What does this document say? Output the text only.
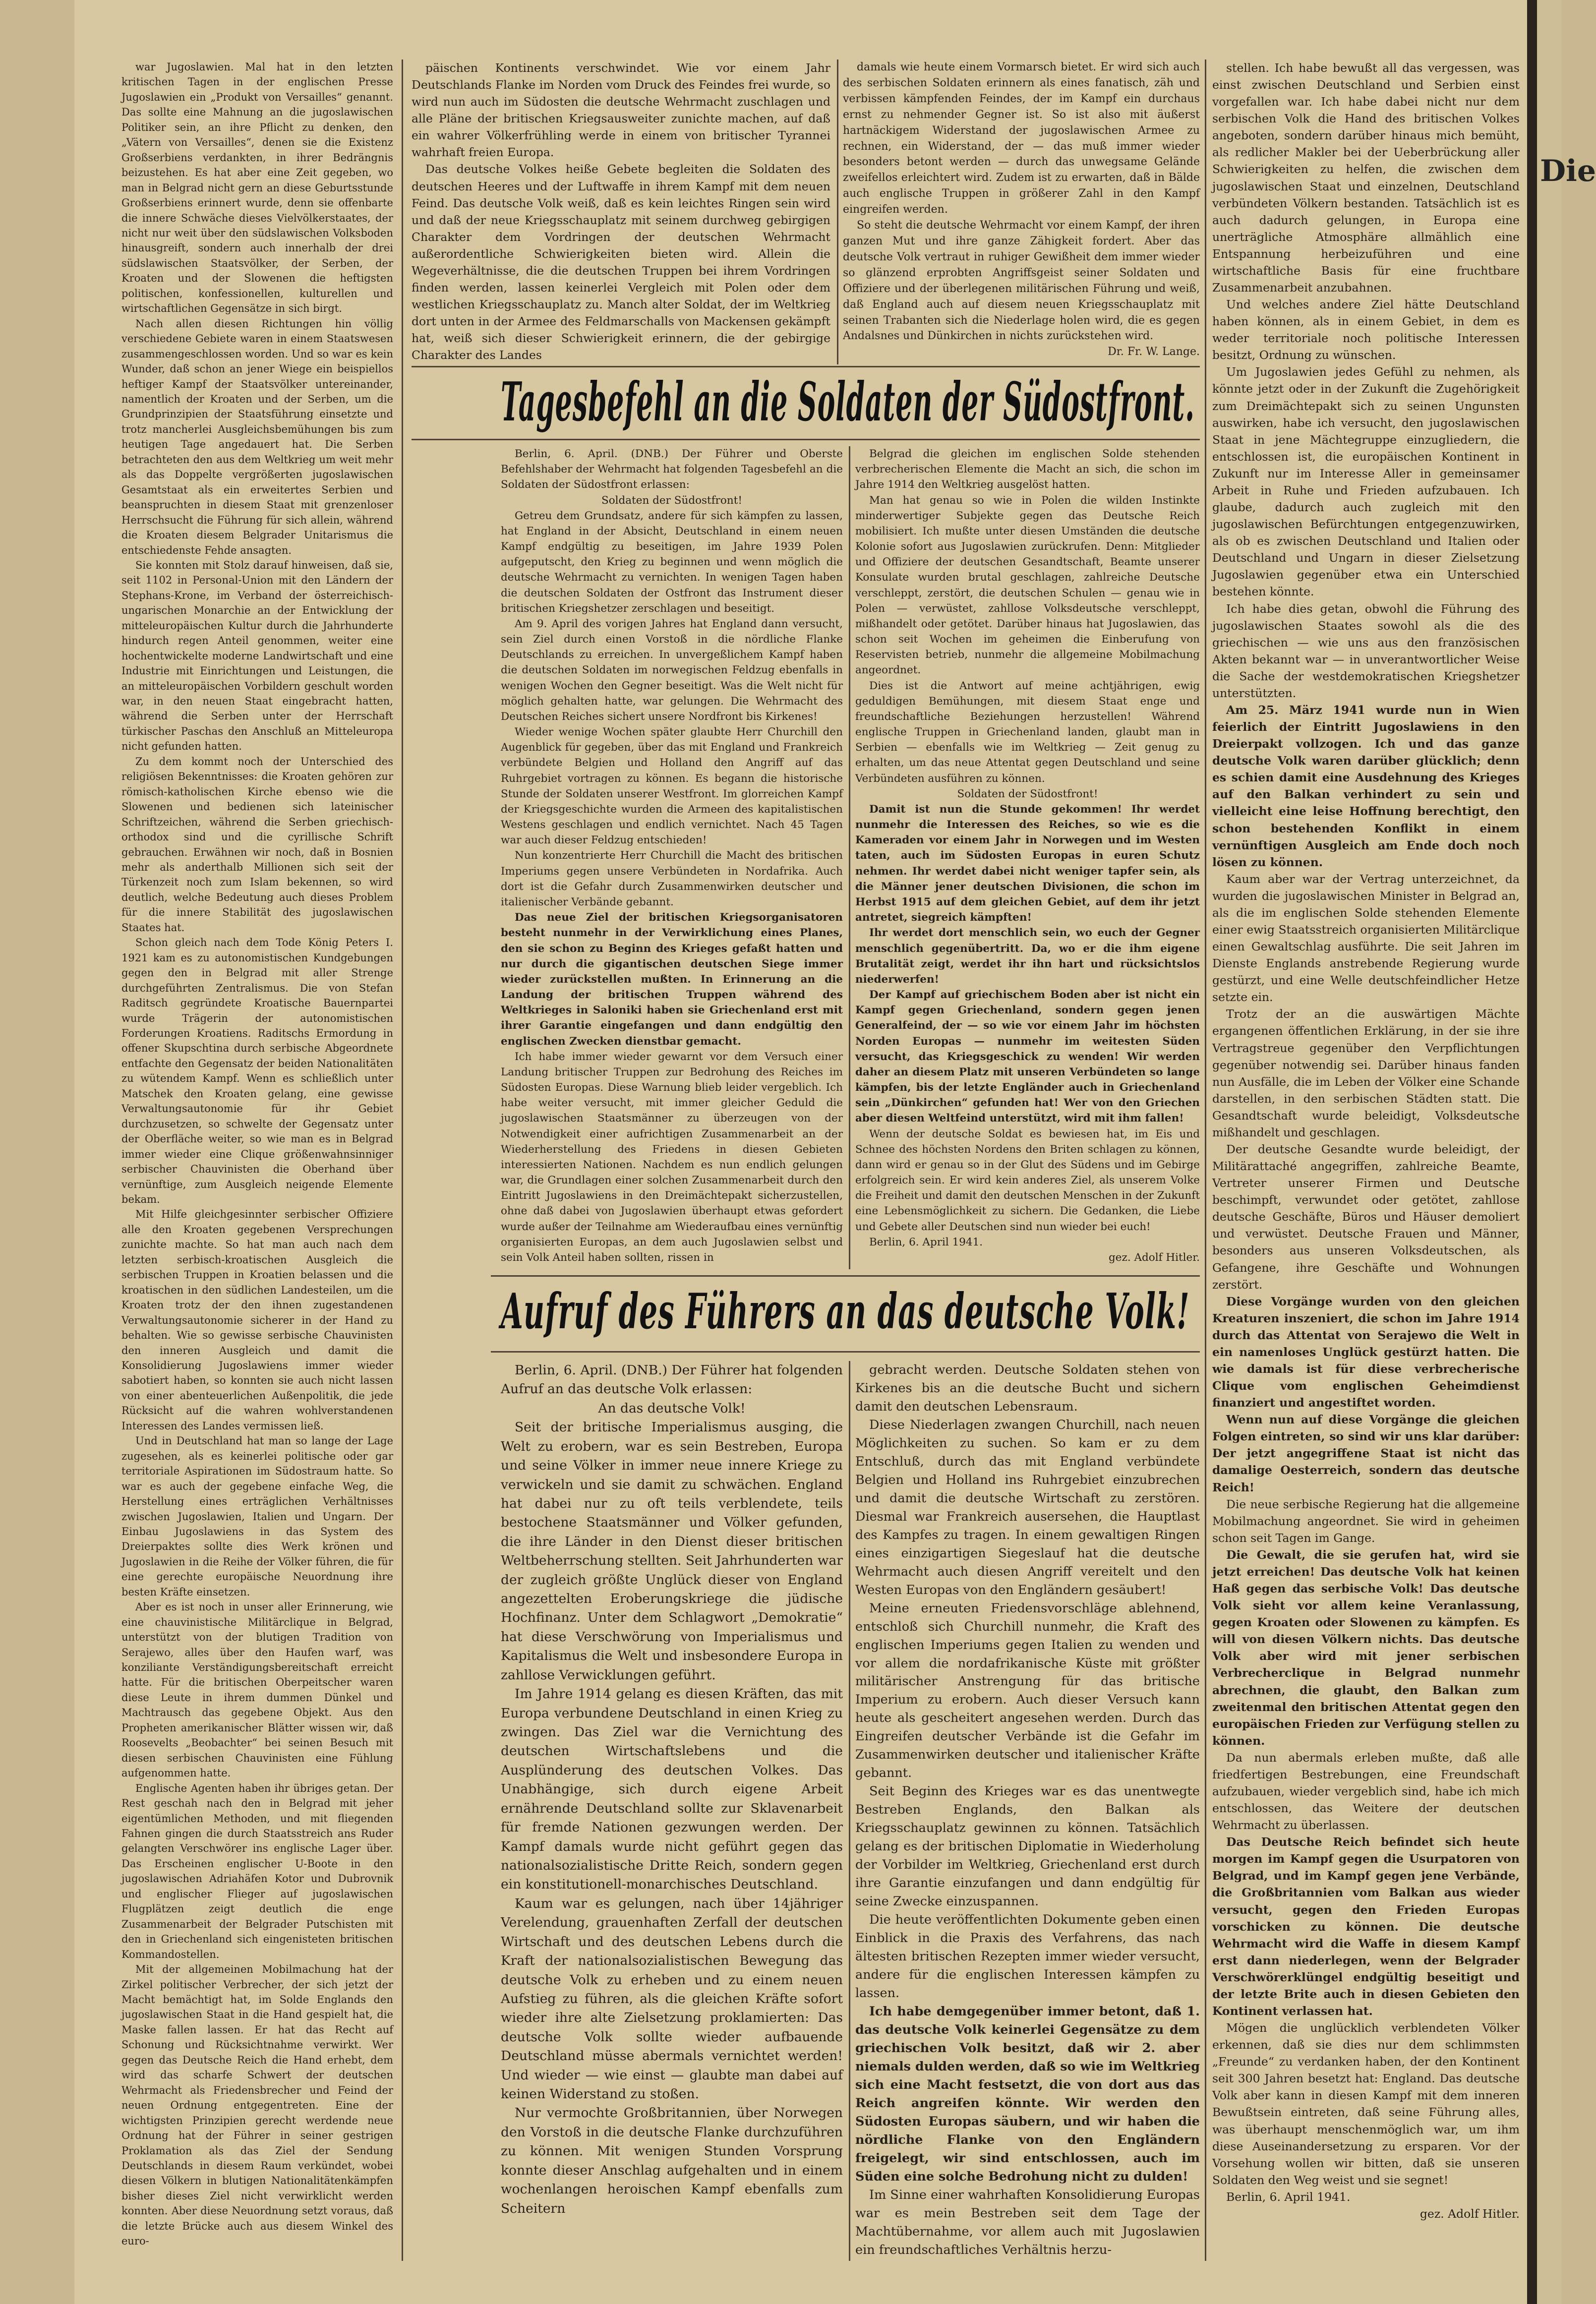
Die

war Jugoslawien. Mal hat in den letzten kritischen Tagen in der englischen Presse Jugoslawien ein „Produkt von Versailles“ genannt. Das sollte eine Mahnung an die jugoslawischen Politiker sein, an ihre Pflicht zu denken, den „Vätern von Versailles“, denen sie die Existenz Großserbiens verdankten, in ihrer Bedrängnis beizustehen. Es hat aber eine Zeit gegeben, wo man in Belgrad nicht gern an diese Geburtsstunde Großserbiens erinnert wurde, denn sie offenbarte die innere Schwäche dieses Vielvölkerstaates, der nicht nur weit über den südslawischen Volksboden hinausgreift, sondern auch innerhalb der drei südslawischen Staatsvölker, der Serben, der Kroaten und der Slowenen die heftigsten politischen, konfessionellen, kulturellen und wirtschaftlichen Gegensätze in sich birgt.

Nach allen diesen Richtungen hin völlig verschiedene Gebiete waren in einem Staatswesen zusammengeschlossen worden. Und so war es kein Wunder, daß schon an jener Wiege ein beispiellos heftiger Kampf der Staatsvölker untereinander, namentlich der Kroaten und der Serben, um die Grundprinzipien der Staatsführung einsetzte und trotz mancherlei Ausgleichsbemühungen bis zum heutigen Tage angedauert hat. Die Serben betrachteten den aus dem Weltkrieg um weit mehr als das Doppelte vergrößerten jugoslawischen Gesamtstaat als ein erweitertes Serbien und beanspruchten in diesem Staat mit grenzenloser Herrschsucht die Führung für sich allein, während die Kroaten diesem Belgrader Unitarismus die entschiedenste Fehde ansagten.

Sie konnten mit Stolz darauf hinweisen, daß sie, seit 1102 in Personal-Union mit den Ländern der Stephans-Krone, im Verband der österreichisch-ungarischen Monarchie an der Entwicklung der mitteleuropäischen Kultur durch die Jahrhunderte hindurch regen Anteil genommen, weiter eine hochentwickelte moderne Landwirtschaft und eine Industrie mit Einrichtungen und Leistungen, die an mitteleuropäischen Vorbildern geschult worden war, in den neuen Staat eingebracht hatten, während die Serben unter der Herrschaft türkischer Paschas den Anschluß an Mitteleuropa nicht gefunden hatten.

Zu dem kommt noch der Unterschied des religiösen Bekenntnisses: die Kroaten gehören zur römisch-katholischen Kirche ebenso wie die Slowenen und bedienen sich lateinischer Schriftzeichen, während die Serben griechisch-orthodox sind und die cyrillische Schrift gebrauchen. Erwähnen wir noch, daß in Bosnien mehr als anderthalb Millionen sich seit der Türkenzeit noch zum Islam bekennen, so wird deutlich, welche Bedeutung auch dieses Problem für die innere Stabilität des jugoslawischen Staates hat.

Schon gleich nach dem Tode König Peters I. 1921 kam es zu autonomistischen Kundgebungen gegen den in Belgrad mit aller Strenge durchgeführten Zentralismus. Die von Stefan Raditsch gegründete Kroatische Bauernpartei wurde Trägerin der autonomistischen Forderungen Kroatiens. Raditschs Ermordung in offener Skupschtina durch serbische Abgeordnete entfachte den Gegensatz der beiden Nationalitäten zu wütendem Kampf. Wenn es schließlich unter Matschek den Kroaten gelang, eine gewisse Verwaltungsautonomie für ihr Gebiet durchzusetzen, so schwelte der Gegensatz unter der Oberfläche weiter, so wie man es in Belgrad immer wieder eine Clique größenwahnsinniger serbischer Chauvinisten die Oberhand über vernünftige, zum Ausgleich neigende Elemente bekam.

Mit Hilfe gleichgesinnter serbischer Offiziere alle den Kroaten gegebenen Versprechungen zunichte machte. So hat man auch nach dem letzten serbisch-kroatischen Ausgleich die serbischen Truppen in Kroatien belassen und die kroatischen in den südlichen Landesteilen, um die Kroaten trotz der den ihnen zugestandenen Verwaltungsautonomie sicherer in der Hand zu behalten. Wie so gewisse serbische Chauvinisten den inneren Ausgleich und damit die Konsolidierung Jugoslawiens immer wieder sabotiert haben, so konnten sie auch nicht lassen von einer abenteuerlichen Außenpolitik, die jede Rücksicht auf die wahren wohlverstandenen Interessen des Landes vermissen ließ.

Und in Deutschland hat man so lange der Lage zugesehen, als es keinerlei politische oder gar territoriale Aspirationen im Südostraum hatte. So war es auch der gegebene einfache Weg, die Herstellung eines erträglichen Verhältnisses zwischen Jugoslawien, Italien und Ungarn. Der Einbau Jugoslawiens in das System des Dreierpaktes sollte dies Werk krönen und Jugoslawien in die Reihe der Völker führen, die für eine gerechte europäische Neuordnung ihre besten Kräfte einsetzen.

Aber es ist noch in unser aller Erinnerung, wie eine chauvinistische Militärclique in Belgrad, unterstützt von der blutigen Tradition von Serajewo, alles über den Haufen warf, was konziliante Verständigungsbereitschaft erreicht hatte. Für die britischen Oberpeitscher waren diese Leute in ihrem dummen Dünkel und Machtrausch das gegebene Objekt. Aus den Propheten amerikanischer Blätter wissen wir, daß Roosevelts „Beobachter“ bei seinen Besuch mit diesen serbischen Chauvinisten eine Fühlung aufgenommen hatte.

Englische Agenten haben ihr übriges getan. Der Rest geschah nach den in Belgrad mit jeher eigentümlichen Methoden, und mit fliegenden Fahnen gingen die durch Staatsstreich ans Ruder gelangten Verschwörer ins englische Lager über. Das Erscheinen englischer U-Boote in den jugoslawischen Adriahäfen Kotor und Dubrovnik und englischer Flieger auf jugoslawischen Flugplätzen zeigt deutlich die enge Zusammenarbeit der Belgrader Putschisten mit den in Griechenland sich eingenisteten britischen Kommandostellen.

Mit der allgemeinen Mobilmachung hat der Zirkel politischer Verbrecher, der sich jetzt der Macht bemächtigt hat, im Solde Englands den jugoslawischen Staat in die Hand gespielt hat, die Maske fallen lassen. Er hat das Recht auf Schonung und Rücksichtnahme verwirkt. Wer gegen das Deutsche Reich die Hand erhebt, dem wird das scharfe Schwert der deutschen Wehrmacht als Friedensbrecher und Feind der neuen Ordnung entgegentreten. Eine der wichtigsten Prinzipien gerecht werdende neue Ordnung hat der Führer in seiner gestrigen Proklamation als das Ziel der Sendung Deutschlands in diesem Raum verkündet, wobei diesen Völkern in blutigen Nationalitätenkämpfen bisher dieses Ziel nicht verwirklicht werden konnten. Aber diese Neuordnung setzt voraus, daß die letzte Brücke auch aus diesem Winkel des euro-

päischen Kontinents verschwindet. Wie vor einem Jahr Deutschlands Flanke im Norden vom Druck des Feindes frei wurde, so wird nun auch im Südosten die deutsche Wehrmacht zuschlagen und alle Pläne der britischen Kriegsausweiter zunichte machen, auf daß ein wahrer Völkerfrühling werde in einem von britischer Tyrannei wahrhaft freien Europa.

Das deutsche Volkes heiße Gebete begleiten die Soldaten des deutschen Heeres und der Luftwaffe in ihrem Kampf mit dem neuen Feind. Das deutsche Volk weiß, daß es kein leichtes Ringen sein wird und daß der neue Kriegsschauplatz mit seinem durchweg gebirgigen Charakter dem Vordringen der deutschen Wehrmacht außerordentliche Schwierigkeiten bieten wird. Allein die Wegeverhältnisse, die die deutschen Truppen bei ihrem Vordringen finden werden, lassen keinerlei Vergleich mit Polen oder dem westlichen Kriegsschauplatz zu. Manch alter Soldat, der im Weltkrieg dort unten in der Armee des Feldmarschalls von Mackensen gekämpft hat, weiß sich dieser Schwierigkeit erinnern, die der gebirgige Charakter des Landes

damals wie heute einem Vormarsch bietet. Er wird sich auch des serbischen Soldaten erinnern als eines fanatisch, zäh und verbissen kämpfenden Feindes, der im Kampf ein durchaus ernst zu nehmender Gegner ist. So ist also mit äußerst hartnäckigem Widerstand der jugoslawischen Armee zu rechnen, ein Widerstand, der — das muß immer wieder besonders betont werden — durch das unwegsame Gelände zweifellos erleichtert wird. Zudem ist zu erwarten, daß in Bälde auch englische Truppen in größerer Zahl in den Kampf eingreifen werden.

So steht die deutsche Wehrmacht vor einem Kampf, der ihren ganzen Mut und ihre ganze Zähigkeit fordert. Aber das deutsche Volk vertraut in ruhiger Gewißheit dem immer wieder so glänzend erprobten Angriffsgeist seiner Soldaten und Offiziere und der überlegenen militärischen Führung und weiß, daß England auch auf diesem neuen Kriegsschauplatz mit seinen Trabanten sich die Niederlage holen wird, die es gegen Andalsnes und Dünkirchen in nichts zurückstehen wird.

Dr. Fr. W. Lange.

Tagesbefehl an die Soldaten der Südostfront.

Berlin, 6. April. (DNB.) Der Führer und Oberste Befehlshaber der Wehrmacht hat folgenden Tagesbefehl an die Soldaten der Südostfront erlassen:

Soldaten der Südostfront!

Getreu dem Grundsatz, andere für sich kämpfen zu lassen, hat England in der Absicht, Deutschland in einem neuen Kampf endgültig zu beseitigen, im Jahre 1939 Polen aufgeputscht, den Krieg zu beginnen und wenn möglich die deutsche Wehrmacht zu vernichten. In wenigen Tagen haben die deutschen Soldaten der Ostfront das Instrument dieser britischen Kriegshetzer zerschlagen und beseitigt.

Am 9. April des vorigen Jahres hat England dann versucht, sein Ziel durch einen Vorstoß in die nördliche Flanke Deutschlands zu erreichen. In unvergeßlichem Kampf haben die deutschen Soldaten im norwegischen Feldzug ebenfalls in wenigen Wochen den Gegner beseitigt. Was die Welt nicht für möglich gehalten hatte, war gelungen. Die Wehrmacht des Deutschen Reiches sichert unsere Nordfront bis Kirkenes!

Wieder wenige Wochen später glaubte Herr Churchill den Augenblick für gegeben, über das mit England und Frankreich verbündete Belgien und Holland den Angriff auf das Ruhrgebiet vortragen zu können. Es begann die historische Stunde der Soldaten unserer Westfront. Im glorreichen Kampf der Kriegsgeschichte wurden die Armeen des kapitalistischen Westens geschlagen und endlich vernichtet. Nach 45 Tagen war auch dieser Feldzug entschieden!

Nun konzentrierte Herr Churchill die Macht des britischen Imperiums gegen unsere Verbündeten in Nordafrika. Auch dort ist die Gefahr durch Zusammenwirken deutscher und italienischer Verbände gebannt.

Das neue Ziel der britischen Kriegsorganisatoren besteht nunmehr in der Verwirklichung eines Planes, den sie schon zu Beginn des Krieges gefaßt hatten und nur durch die gigantischen deutschen Siege immer wieder zurückstellen mußten. In Erinnerung an die Landung der britischen Truppen während des Weltkrieges in Saloniki haben sie Griechenland erst mit ihrer Garantie eingefangen und dann endgültig den englischen Zwecken dienstbar gemacht.

Ich habe immer wieder gewarnt vor dem Versuch einer Landung britischer Truppen zur Bedrohung des Reiches im Südosten Europas. Diese Warnung blieb leider vergeblich. Ich habe weiter versucht, mit immer gleicher Geduld die jugoslawischen Staatsmänner zu überzeugen von der Notwendigkeit einer aufrichtigen Zusammenarbeit an der Wiederherstellung des Friedens in diesen Gebieten interessierten Nationen. Nachdem es nun endlich gelungen war, die Grundlagen einer solchen Zusammenarbeit durch den Eintritt Jugoslawiens in den Dreimächtepakt sicherzustellen, ohne daß dabei von Jugoslawien überhaupt etwas gefordert wurde außer der Teilnahme am Wiederaufbau eines vernünftig organisierten Europas, an dem auch Jugoslawien selbst und sein Volk Anteil haben sollten, rissen in

Belgrad die gleichen im englischen Solde stehenden verbrecherischen Elemente die Macht an sich, die schon im Jahre 1914 den Weltkrieg ausgelöst hatten.

Man hat genau so wie in Polen die wilden Instinkte minderwertiger Subjekte gegen das Deutsche Reich mobilisiert. Ich mußte unter diesen Umständen die deutsche Kolonie sofort aus Jugoslawien zurückrufen. Denn: Mitglieder und Offiziere der deutschen Gesandtschaft, Beamte unserer Konsulate wurden brutal geschlagen, zahlreiche Deutsche verschleppt, zerstört, die deutschen Schulen — genau wie in Polen — verwüstet, zahllose Volksdeutsche verschleppt, mißhandelt oder getötet. Darüber hinaus hat Jugoslawien, das schon seit Wochen im geheimen die Einberufung von Reservisten betrieb, nunmehr die allgemeine Mobilmachung angeordnet.

Dies ist die Antwort auf meine achtjährigen, ewig geduldigen Bemühungen, mit diesem Staat enge und freundschaftliche Beziehungen herzustellen! Während englische Truppen in Griechenland landen, glaubt man in Serbien — ebenfalls wie im Weltkrieg — Zeit genug zu erhalten, um das neue Attentat gegen Deutschland und seine Verbündeten ausführen zu können.

Soldaten der Südostfront!

Damit ist nun die Stunde gekommen! Ihr werdet nunmehr die Interessen des Reiches, so wie es die Kameraden vor einem Jahr in Norwegen und im Westen taten, auch im Südosten Europas in euren Schutz nehmen. Ihr werdet dabei nicht weniger tapfer sein, als die Männer jener deutschen Divisionen, die schon im Herbst 1915 auf dem gleichen Gebiet, auf dem ihr jetzt antretet, siegreich kämpften!

Ihr werdet dort menschlich sein, wo euch der Gegner menschlich gegenübertritt. Da, wo er die ihm eigene Brutalität zeigt, werdet ihr ihn hart und rücksichtslos niederwerfen!

Der Kampf auf griechischem Boden aber ist nicht ein Kampf gegen Griechenland, sondern gegen jenen Generalfeind, der — so wie vor einem Jahr im höchsten Norden Europas — nunmehr im weitesten Süden versucht, das Kriegsgeschick zu wenden! Wir werden daher an diesem Platz mit unseren Verbündeten so lange kämpfen, bis der letzte Engländer auch in Griechenland sein „Dünkirchen“ gefunden hat! Wer von den Griechen aber diesen Weltfeind unterstützt, wird mit ihm fallen!

Wenn der deutsche Soldat es bewiesen hat, im Eis und Schnee des höchsten Nordens den Briten schlagen zu können, dann wird er genau so in der Glut des Südens und im Gebirge erfolgreich sein. Er wird kein anderes Ziel, als unserem Volke die Freiheit und damit den deutschen Menschen in der Zukunft eine Lebensmöglichkeit zu sichern. Die Gedanken, die Liebe und Gebete aller Deutschen sind nun wieder bei euch!

Berlin, 6. April 1941.

gez. Adolf Hitler.

Aufruf des Führers an das deutsche Volk!

Berlin, 6. April. (DNB.) Der Führer hat folgenden Aufruf an das deutsche Volk erlassen:

An das deutsche Volk!

Seit der britische Imperialismus ausging, die Welt zu erobern, war es sein Bestreben, Europa und seine Völker in immer neue innere Kriege zu verwickeln und sie damit zu schwächen. England hat dabei nur zu oft teils verblendete, teils bestochene Staatsmänner und Völker gefunden, die ihre Länder in den Dienst dieser britischen Weltbeherrschung stellten. Seit Jahrhunderten war der zugleich größte Unglück dieser von England angezettelten Eroberungskriege die jüdische Hochfinanz. Unter dem Schlagwort „Demokratie“ hat diese Verschwörung von Imperialismus und Kapitalismus die Welt und insbesondere Europa in zahllose Verwicklungen geführt.

Im Jahre 1914 gelang es diesen Kräften, das mit Europa verbundene Deutschland in einen Krieg zu zwingen. Das Ziel war die Vernichtung des deutschen Wirtschaftslebens und die Ausplünderung des deutschen Volkes. Das Unabhängige, sich durch eigene Arbeit ernährende Deutschland sollte zur Sklavenarbeit für fremde Nationen gezwungen werden. Der Kampf damals wurde nicht geführt gegen das nationalsozialistische Dritte Reich, sondern gegen ein konstitutionell-monarchisches Deutschland.

Kaum war es gelungen, nach über 14jähriger Verelendung, grauenhaften Zerfall der deutschen Wirtschaft und des deutschen Lebens durch die Kraft der nationalsozialistischen Bewegung das deutsche Volk zu erheben und zu einem neuen Aufstieg zu führen, als die gleichen Kräfte sofort wieder ihre alte Zielsetzung proklamierten: Das deutsche Volk sollte wieder aufbauende Deutschland müsse abermals vernichtet werden! Und wieder — wie einst — glaubte man dabei auf keinen Widerstand zu stoßen.

Nur vermochte Großbritannien, über Norwegen den Vorstoß in die deutsche Flanke durchzuführen zu können. Mit wenigen Stunden Vorsprung konnte dieser Anschlag aufgehalten und in einem wochenlangen heroischen Kampf ebenfalls zum Scheitern

gebracht werden. Deutsche Soldaten stehen von Kirkenes bis an die deutsche Bucht und sichern damit den deutschen Lebensraum.

Diese Niederlagen zwangen Churchill, nach neuen Möglichkeiten zu suchen. So kam er zu dem Entschluß, durch das mit England verbündete Belgien und Holland ins Ruhrgebiet einzubrechen und damit die deutsche Wirtschaft zu zerstören. Diesmal war Frankreich ausersehen, die Hauptlast des Kampfes zu tragen. In einem gewaltigen Ringen eines einzigartigen Siegeslauf hat die deutsche Wehrmacht auch diesen Angriff vereitelt und den Westen Europas von den Engländern gesäubert!

Meine erneuten Friedensvorschläge ablehnend, entschloß sich Churchill nunmehr, die Kraft des englischen Imperiums gegen Italien zu wenden und vor allem die nordafrikanische Küste mit größter militärischer Anstrengung für das britische Imperium zu erobern. Auch dieser Versuch kann heute als gescheitert angesehen werden. Durch das Eingreifen deutscher Verbände ist die Gefahr im Zusammenwirken deutscher und italienischer Kräfte gebannt.

Seit Beginn des Krieges war es das unentwegte Bestreben Englands, den Balkan als Kriegsschauplatz gewinnen zu können. Tatsächlich gelang es der britischen Diplomatie in Wiederholung der Vorbilder im Weltkrieg, Griechenland erst durch ihre Garantie einzufangen und dann endgültig für seine Zwecke einzuspannen.

Die heute veröffentlichten Dokumente geben einen Einblick in die Praxis des Verfahrens, das nach ältesten britischen Rezepten immer wieder versucht, andere für die englischen Interessen kämpfen zu lassen.

Ich habe demgegenüber immer betont, daß 1. das deutsche Volk keinerlei Gegensätze zu dem griechischen Volk besitzt, daß wir 2. aber niemals dulden werden, daß so wie im Weltkrieg sich eine Macht festsetzt, die von dort aus das Reich angreifen könnte. Wir werden den Südosten Europas säubern, und wir haben die nördliche Flanke von den Engländern freigelegt, wir sind entschlossen, auch im Süden eine solche Bedrohung nicht zu dulden!

Im Sinne einer wahrhaften Konsolidierung Europas war es mein Bestreben seit dem Tage der Machtübernahme, vor allem auch mit Jugoslawien ein freundschaftliches Verhältnis herzu-

stellen. Ich habe bewußt all das vergessen, was einst zwischen Deutschland und Serbien einst vorgefallen war. Ich habe dabei nicht nur dem serbischen Volk die Hand des britischen Volkes angeboten, sondern darüber hinaus mich bemüht, als redlicher Makler bei der Ueberbrückung aller Schwierigkeiten zu helfen, die zwischen dem jugoslawischen Staat und einzelnen, Deutschland verbündeten Völkern bestanden. Tatsächlich ist es auch dadurch gelungen, in Europa eine unerträgliche Atmosphäre allmählich eine Entspannung herbeizuführen und eine wirtschaftliche Basis für eine fruchtbare Zusammenarbeit anzubahnen.

Und welches andere Ziel hätte Deutschland haben können, als in einem Gebiet, in dem es weder territoriale noch politische Interessen besitzt, Ordnung zu wünschen.

Um Jugoslawien jedes Gefühl zu nehmen, als könnte jetzt oder in der Zukunft die Zugehörigkeit zum Dreimächtepakt sich zu seinen Ungunsten auswirken, habe ich versucht, den jugoslawischen Staat in jene Mächtegruppe einzugliedern, die entschlossen ist, die europäischen Kontinent in Zukunft nur im Interesse Aller in gemeinsamer Arbeit in Ruhe und Frieden aufzubauen. Ich glaube, dadurch auch zugleich mit den jugoslawischen Befürchtungen entgegenzuwirken, als ob es zwischen Deutschland und Italien oder Deutschland und Ungarn in dieser Zielsetzung Jugoslawien gegenüber etwa ein Unterschied bestehen könnte.

Ich habe dies getan, obwohl die Führung des jugoslawischen Staates sowohl als die des griechischen — wie uns aus den französischen Akten bekannt war — in unverantwortlicher Weise die Sache der westdemokratischen Kriegshetzer unterstützten.

Am 25. März 1941 wurde nun in Wien feierlich der Eintritt Jugoslawiens in den Dreierpakt vollzogen. Ich und das ganze deutsche Volk waren darüber glücklich; denn es schien damit eine Ausdehnung des Krieges auf den Balkan verhindert zu sein und vielleicht eine leise Hoffnung berechtigt, den schon bestehenden Konflikt in einem vernünftigen Ausgleich am Ende doch noch lösen zu können.

Kaum aber war der Vertrag unterzeichnet, da wurden die jugoslawischen Minister in Belgrad an, als die im englischen Solde stehenden Elemente einer ewig Staatsstreich organisierten Militärclique einen Gewaltschlag ausführte. Die seit Jahren im Dienste Englands anstrebende Regierung wurde gestürzt, und eine Welle deutschfeindlicher Hetze setzte ein.

Trotz der an die auswärtigen Mächte ergangenen öffentlichen Erklärung, in der sie ihre Vertragstreue gegenüber den Verpflichtungen gegenüber notwendig sei. Darüber hinaus fanden nun Ausfälle, die im Leben der Völker eine Schande darstellen, in den serbischen Städten statt. Die Gesandtschaft wurde beleidigt, Volksdeutsche mißhandelt und geschlagen.

Der deutsche Gesandte wurde beleidigt, der Militärattaché angegriffen, zahlreiche Beamte, Vertreter unserer Firmen und Deutsche beschimpft, verwundet oder getötet, zahllose deutsche Geschäfte, Büros und Häuser demoliert und verwüstet. Deutsche Frauen und Männer, besonders aus unseren Volksdeutschen, als Gefangene, ihre Geschäfte und Wohnungen zerstört.

Diese Vorgänge wurden von den gleichen Kreaturen inszeniert, die schon im Jahre 1914 durch das Attentat von Serajewo die Welt in ein namenloses Unglück gestürzt hatten. Die wie damals ist für diese verbrecherische Clique vom englischen Geheimdienst finanziert und angestiftet worden.

Wenn nun auf diese Vorgänge die gleichen Folgen eintreten, so sind wir uns klar darüber: Der jetzt angegriffene Staat ist nicht das damalige Oesterreich, sondern das deutsche Reich!

Die neue serbische Regierung hat die allgemeine Mobilmachung angeordnet. Sie wird in geheimen schon seit Tagen im Gange.

Die Gewalt, die sie gerufen hat, wird sie jetzt erreichen! Das deutsche Volk hat keinen Haß gegen das serbische Volk! Das deutsche Volk sieht vor allem keine Veranlassung, gegen Kroaten oder Slowenen zu kämpfen. Es will von diesen Völkern nichts. Das deutsche Volk aber wird mit jener serbischen Verbrecherclique in Belgrad nunmehr abrechnen, die glaubt, den Balkan zum zweitenmal den britischen Attentat gegen den europäischen Frieden zur Verfügung stellen zu können.

Da nun abermals erleben mußte, daß alle friedfertigen Bestrebungen, eine Freundschaft aufzubauen, wieder vergeblich sind, habe ich mich entschlossen, das Weitere der deutschen Wehrmacht zu überlassen.

Das Deutsche Reich befindet sich heute morgen im Kampf gegen die Usurpatoren von Belgrad, und im Kampf gegen jene Verbände, die Großbritannien vom Balkan aus wieder versucht, gegen den Frieden Europas vorschicken zu können. Die deutsche Wehrmacht wird die Waffe in diesem Kampf erst dann niederlegen, wenn der Belgrader Verschwörerklüngel endgültig beseitigt und der letzte Brite auch in diesen Gebieten den Kontinent verlassen hat.

Mögen die unglücklich verblendeten Völker erkennen, daß sie dies nur dem schlimmsten „Freunde“ zu verdanken haben, der den Kontinent seit 300 Jahren besetzt hat: England. Das deutsche Volk aber kann in diesen Kampf mit dem inneren Bewußtsein eintreten, daß seine Führung alles, was überhaupt menschenmöglich war, um ihm diese Auseinandersetzung zu ersparen. Vor der Vorsehung wollen wir bitten, daß sie unseren Soldaten den Weg weist und sie segnet!

Berlin, 6. April 1941.

gez. Adolf Hitler.
